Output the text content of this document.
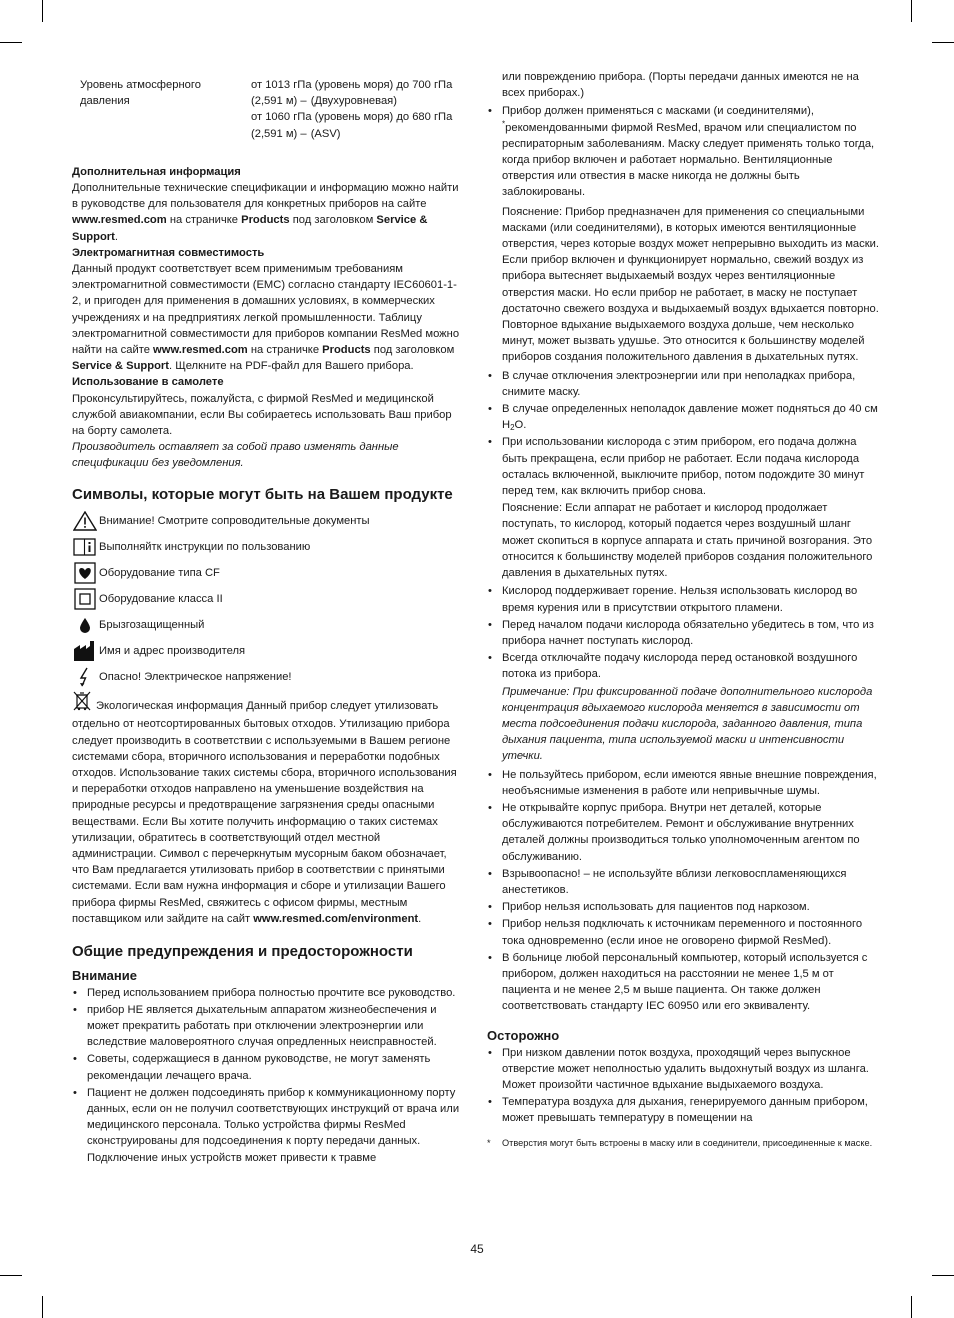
Уровень атмосферного давления
от 1013 гПа (уровень моря) до 700 гПа (2,591 м) – (Двухуровневая)
от 1060 гПа (уровень моря) до 680 гПа (2,591 м) – (ASV)

Дополнительная информация

Дополнительные технические спецификации и информацию можно найти в руководстве для пользователя для конкретных приборов на сайте www.resmed.com на страничке Products под заголовком Service & Support.

Электромагнитная совместимость

Данный продукт соответствует всем применимым требованиям электромагнитной совместимости (EMC) согласно стандарту IEC60601-1-2, и пригоден для применения в домашних условиях, в коммерческих учреждениях и на предприятиях легкой промышленности. Таблицу электромагнитной совместимости для приборов компании ResMed можно найти на сайте www.resmed.com на страничке Products под заголовком Service & Support. Щелкните на PDF-файл для Вашего прибора.

Использование в самолете

Проконсультируйтесь, пожалуйста, с фирмой ResMed и медицинской службой авиакомпании, если Вы собираетесь использовать Ваш прибор на борту самолета.

Производитель оставляет за собой право изменять данные спецификации без уведомления.

Символы, которые могут быть на Вашем продукте
Внимание! Смотрите сопроводительные документы
Выполняйтк инструкции по пользованию
Оборудование типа CF
Оборудование класса II
Брызгозащищенный
Имя и адрес производителя
Опасно! Электрическое напряжение!

Экологическая информация Данный прибор следует утилизовать отдельно от неотсортированных бытовых отходов. Утилизацию прибора следует производить в соответствии с используемыми в Вашем регионе системами сбора, вторичного использования и переработки подобных отходов. Использование таких системы сбора, вторичного использования и переработки отходов направлено на уменьшение воздействия на природные ресурсы и предотвращение загрязнения среды опасными веществами. Если Вы хотите получить информацию о таких системах утилизации, обратитесь в соответствующий отдел местной администрации. Символ с перечеркнутым мусорным баком обозначает, что Вам предлагается утилизовать прибор в соответствии с принятыми системами. Если вам нужна информация и сборе и утилизации Вашего прибора фирмы ResMed, свяжитесь с офисом фирмы, местным поставщиком или зайдите на сайт www.resmed.com/environment.

Общие предупреждения и предосторожности
Внимание
• Перед использованием прибора полностью прочтите все руководство.
• прибор НЕ является дыхательным аппаратом жизнеобеспечения и может прекратить работать при отключении электроэнергии или вследствие маловероятного случая опредленных неисправностей.
• Советы, содержащиеся в данном руководстве, не могут заменять рекомендации лечащего врача.
• Пациент не должен подсоединять прибор к коммуникационному порту данных, если он не получил соответствующих инструкций от врача или медицинского персонала. Только устройства фирмы ResMed сконструированы для подсоединения к порту передачи данных. Подключение иных устройств может привести к травме

или повреждению прибора. (Порты передачи данных имеются не на всех приборах.)

• Прибор должен применяться с масками (и соединителями),
*рекомендованными фирмой ResMed, врачом или специалистом по респираторным заболеваниям. Маску следует применять только тогда, когда прибор включен и работает нормально. Вентиляционные отверстия или отвестия в маске никогда не должны быть заблокированы.

Пояснение: Прибор предназначен для применения со специальными масками (или соединителями), в которых имеются вентиляционные отверстия, через которые воздух может непрерывно выходить из маски. Если прибор включен и функционирует нормально, свежий воздух из прибора вытесняет выдыхаемый воздух через вентиляционные отверстия маски. Но если прибор не работает, в маску не поступает достаточно свежего воздуха и выдыхаемый воздух вдыхается повторно. Повторное вдыхание выдыхаемого воздуха дольше, чем несколько минут, может вызвать удушье. Это относится к большинству моделей приборов создания положительного давления в дыхательных путях.

• В случае отключения электроэнергии или при неполадках прибора, снимите маску.
• В случае определенных неполадок давление может подняться до 40 см $H_2O$.
• При использовании кислорода с этим прибором, его подача должна быть прекращена, если прибор не работает. Если подача кислорода осталась включенной, выключите прибор, потом подождите 30 минут перед тем, как включить прибор снова.

Пояснение: Если аппарат не работает и кислород продолжает поступать, то кислород, который подается через воздушный шланг может скопиться в корпусе аппарата и стать причиной возгорания. Это относится к большинству моделей приборов создания положительного давления в дыхательных путях.

• Кислород поддерживает горение. Нельзя использовать кислород во время курения или в присутствии открытого пламени.
• Перед началом подачи кислорода обязательно убедитесь в том, что из прибора начнет поступать кислород.
• Всегда отключайте подачу кислорода перед остановкой воздушного потока из прибора.

Примечание: При фиксированной подаче дополнительного кислорода концентрация вдыхаемого кислорода меняется в зависимости от места подсоединения подачи кислорода, заданного давления, типа дыхания пациента, типа используемой маски и интенсивности утечки.

• Не пользуйтесь прибором, если имеются явные внешние повреждения, необъяснимые изменения в работе или непривычные шумы.
• Не открывайте корпус прибора. Внутри нет деталей, которые обслуживаются потребителем. Ремонт и обслуживание внутренних деталей должны производиться только уполномоченным агентом по обслуживанию.
• Взрывоопасно! – не используйте вблизи легковоспламеняющихся анестетиков.
• Прибор нельзя использовать для пациентов под наркозом.
• Прибор нельзя подключать к источникам переменного и постоянного тока одновременно (если иное не оговорено фирмой ResMed).
• В больнице любой персональный компьютер, который используется с прибором, должен находиться на расстоянии не менее 1,5 м от пациента и не менее 2,5 м выше пациента. Он также должен соответствовать стандарту IEC 60950 или его эквиваленту.
Осторожно
• При низком давлении поток воздуха, проходящий через выпускное отверстие может неполностью удалить выдохнутый воздух из шланга. Может произойти частичное вдыхание выдыхаемого воздуха.
• Температура воздуха для дыхания, генерируемого данным прибором, может превышать температуру в помещении на
*	Отверстия могут быть встроены в маску или в соединители, присоединенные к маске.
45
